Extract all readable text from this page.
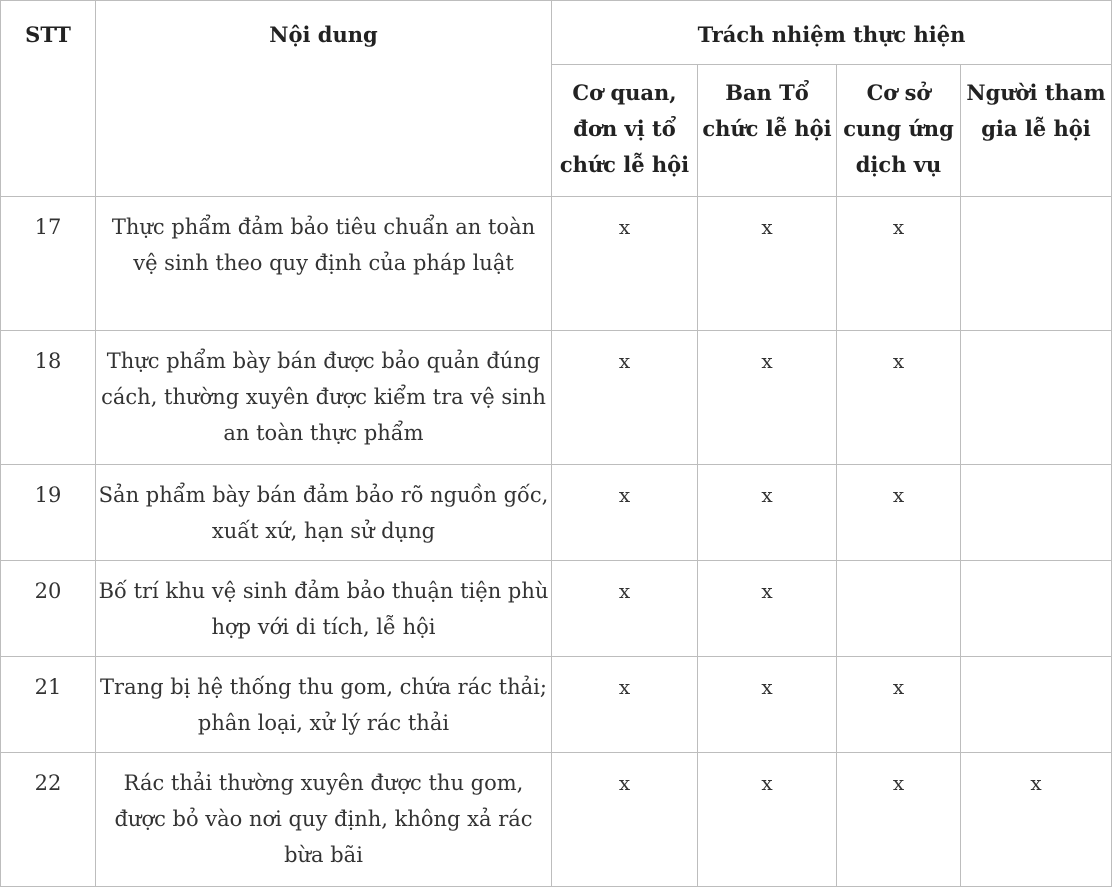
STT	Nội dung	Trách nhiệm thực hiện			
		Cơ quan, đơn vị tổ chức lễ hội	Ban Tổ chức lễ hội	Cơ sở cung ứng dịch vụ	Người tham gia lễ hội
17	Thực phẩm đảm bảo tiêu chuẩn an toàn vệ sinh theo quy định của pháp luật	x	x	x	
18	Thực phẩm bày bán được bảo quản đúng cách, thường xuyên được kiểm tra vệ sinh an toàn thực phẩm	x	x	x	
19	Sản phẩm bày bán đảm bảo rõ nguồn gốc, xuất xứ, hạn sử dụng	x	x	x	
20	Bố trí khu vệ sinh đảm bảo thuận tiện phù hợp với di tích, lễ hội	x	x		
21	Trang bị hệ thống thu gom, chứa rác thải; phân loại, xử lý rác thải	x	x	x	
22	Rác thải thường xuyên được thu gom, được bỏ vào nơi quy định, không xả rác bừa bãi	x	x	x	x
